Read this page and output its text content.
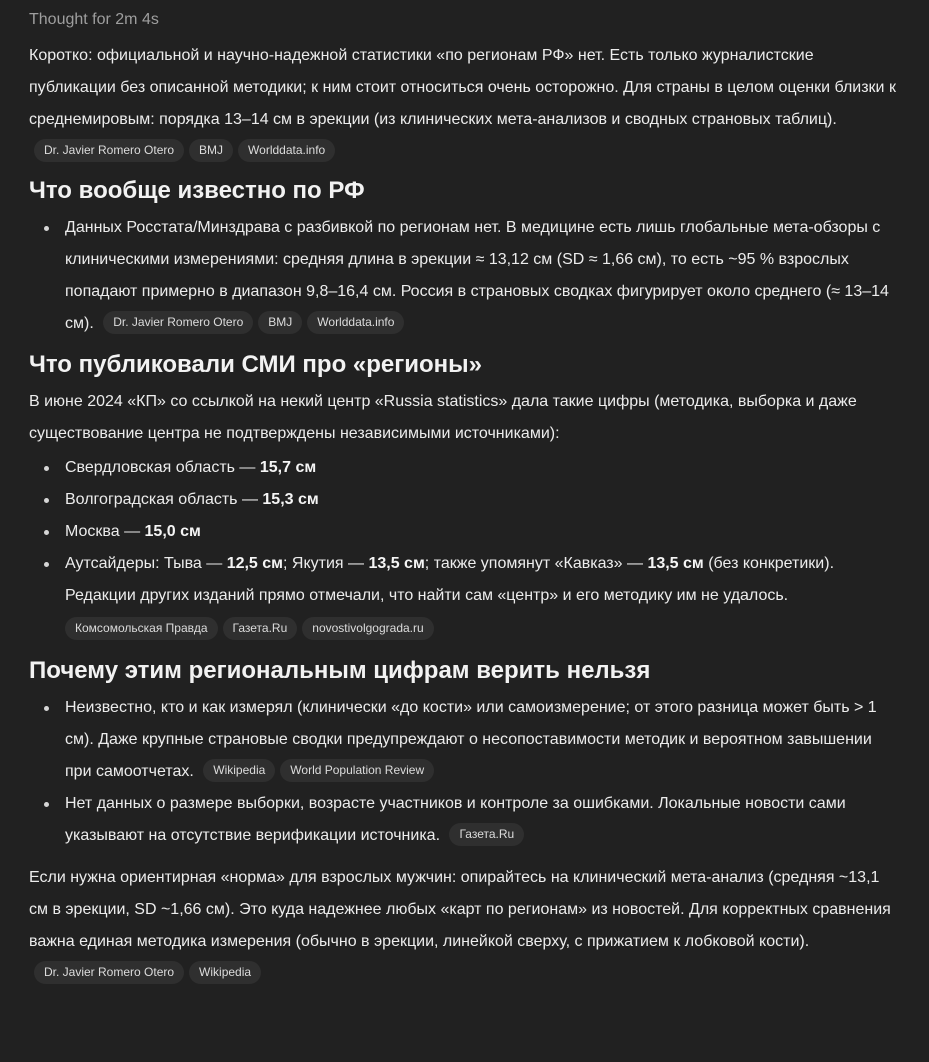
Thought for 2m 4s

Коротко: официальной и научно-надежной статистики «по регионам РФ» нет. Есть только журналистские публикации без описанной методики; к ним стоит относиться очень осторожно. Для страны в целом оценки близки к среднемировым: порядка 13–14 см в эрекции (из клинических мета-анализов и сводных страновых таблиц). Dr. Javier Romero Otero BMJ Worlddata.info

Что вообще известно по РФ
Данных Росстата/Минздрава с разбивкой по регионам нет. В медицине есть лишь глобальные мета-обзоры с клиническими измерениями: средняя длина в эрекции ≈ 13,12 см (SD ≈ 1,66 см), то есть ~95 % взрослых попадают примерно в диапазон 9,8–16,4 см. Россия в страновых сводках фигурирует около среднего (≈ 13–14 см). Dr. Javier Romero Otero BMJ Worlddata.info
Что публиковали СМИ про «регионы»

В июне 2024 «КП» со ссылкой на некий центр «Russia statistics» дала такие цифры (методика, выборка и даже существование центра не подтверждены независимыми источниками):

Свердловская область — 15,7 см
Волгоградская область — 15,3 см
Москва — 15,0 см
Аутсайдеры: Тыва — 12,5 см; Якутия — 13,5 см; также упомянут «Кавказ» — 13,5 см (без конкретики).
Редакции других изданий прямо отмечали, что найти сам «центр» и его методику им не удалось.
Комсомольская Правда Газета.Ru novostivolgograda.ru
Почему этим региональным цифрам верить нельзя
Неизвестно, кто и как измерял (клинически «до кости» или самоизмерение; от этого разница может быть > 1 см). Даже крупные страновые сводки предупреждают о несопоставимости методик и вероятном завышении при самоотчетах. Wikipedia World Population Review
Нет данных о размере выборки, возрасте участников и контроле за ошибками. Локальные новости сами указывают на отсутствие верификации источника. Газета.Ru

Если нужна ориентирная «норма» для взрослых мужчин: опирайтесь на клинический мета-анализ (средняя ~13,1 см в эрекции, SD ~1,66 см). Это куда надежнее любых «карт по регионам» из новостей. Для корректных сравнения важна единая методика измерения (обычно в эрекции, линейкой сверху, с прижатием к лобковой кости). Dr. Javier Romero Otero Wikipedia
